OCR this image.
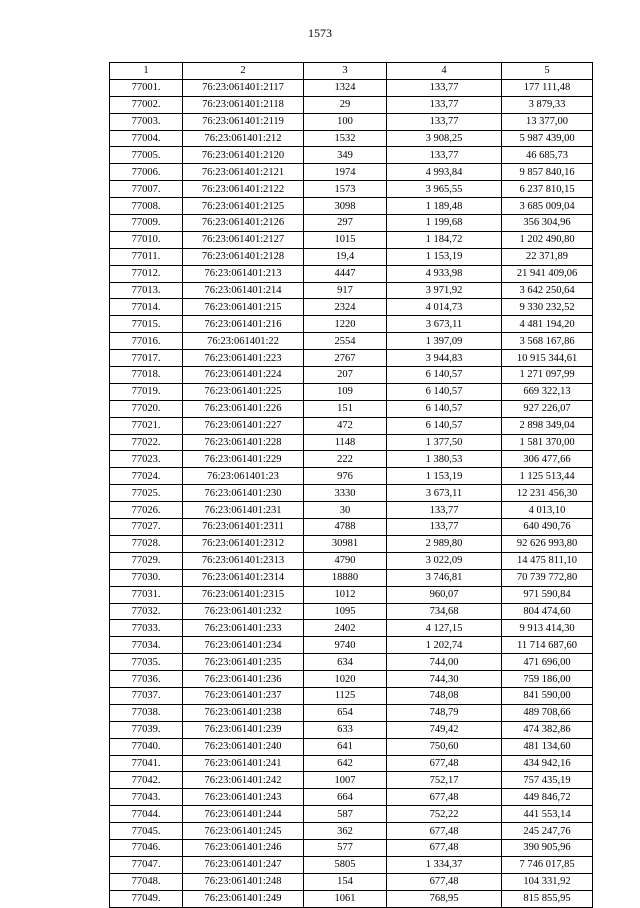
1573
1	2	3	4	5
77001.	76:23:061401:2117	1324	133,77	177 111,48
77002.	76:23:061401:2118	29	133,77	3 879,33
77003.	76:23:061401:2119	100	133,77	13 377,00
77004.	76:23:061401:212	1532	3 908,25	5 987 439,00
77005.	76:23:061401:2120	349	133,77	46 685,73
77006.	76:23:061401:2121	1974	4 993,84	9 857 840,16
77007.	76:23:061401:2122	1573	3 965,55	6 237 810,15
77008.	76:23:061401:2125	3098	1 189,48	3 685 009,04
77009.	76:23:061401:2126	297	1 199,68	356 304,96
77010.	76:23:061401:2127	1015	1 184,72	1 202 490,80
77011.	76:23:061401:2128	19,4	1 153,19	22 371,89
77012.	76:23:061401:213	4447	4 933,98	21 941 409,06
77013.	76:23:061401:214	917	3 971,92	3 642 250,64
77014.	76:23:061401:215	2324	4 014,73	9 330 232,52
77015.	76:23:061401:216	1220	3 673,11	4 481 194,20
77016.	76:23:061401:22	2554	1 397,09	3 568 167,86
77017.	76:23:061401:223	2767	3 944,83	10 915 344,61
77018.	76:23:061401:224	207	6 140,57	1 271 097,99
77019.	76:23:061401:225	109	6 140,57	669 322,13
77020.	76:23:061401:226	151	6 140,57	927 226,07
77021.	76:23:061401:227	472	6 140,57	2 898 349,04
77022.	76:23:061401:228	1148	1 377,50	1 581 370,00
77023.	76:23:061401:229	222	1 380,53	306 477,66
77024.	76:23:061401:23	976	1 153,19	1 125 513,44
77025.	76:23:061401:230	3330	3 673,11	12 231 456,30
77026.	76:23:061401:231	30	133,77	4 013,10
77027.	76:23:061401:2311	4788	133,77	640 490,76
77028.	76:23:061401:2312	30981	2 989,80	92 626 993,80
77029.	76:23:061401:2313	4790	3 022,09	14 475 811,10
77030.	76:23:061401:2314	18880	3 746,81	70 739 772,80
77031.	76:23:061401:2315	1012	960,07	971 590,84
77032.	76:23:061401:232	1095	734,68	804 474,60
77033.	76:23:061401:233	2402	4 127,15	9 913 414,30
77034.	76:23:061401:234	9740	1 202,74	11 714 687,60
77035.	76:23:061401:235	634	744,00	471 696,00
77036.	76:23:061401:236	1020	744,30	759 186,00
77037.	76:23:061401:237	1125	748,08	841 590,00
77038.	76:23:061401:238	654	748,79	489 708,66
77039.	76:23:061401:239	633	749,42	474 382,86
77040.	76:23:061401:240	641	750,60	481 134,60
77041.	76:23:061401:241	642	677,48	434 942,16
77042.	76:23:061401:242	1007	752,17	757 435,19
77043.	76:23:061401:243	664	677,48	449 846,72
77044.	76:23:061401:244	587	752,22	441 553,14
77045.	76:23:061401:245	362	677,48	245 247,76
77046.	76:23:061401:246	577	677,48	390 905,96
77047.	76:23:061401:247	5805	1 334,37	7 746 017,85
77048.	76:23:061401:248	154	677,48	104 331,92
77049.	76:23:061401:249	1061	768,95	815 855,95
